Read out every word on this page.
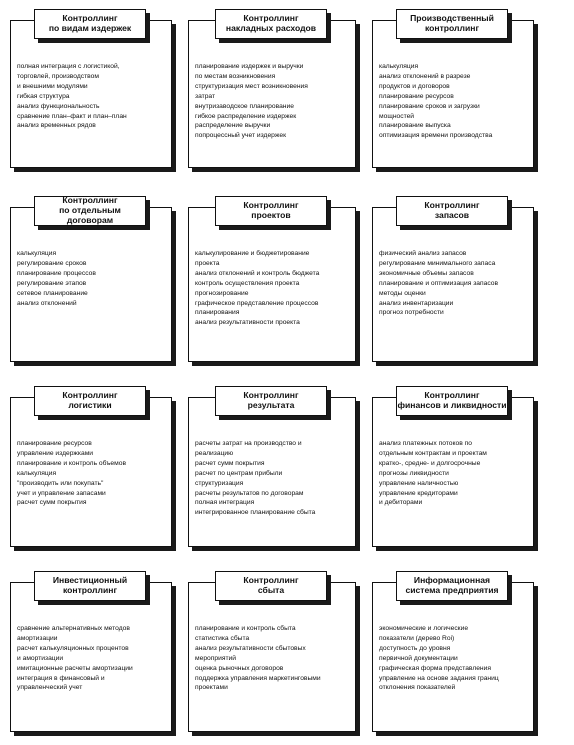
Контроллинг
по видам издержек
полная интеграция с логистикой,
торговлей, производством
и внешними модулями
гибкая структура
анализ функциональность
сравнение план–факт и план–план
анализ временных рядов
Контроллинг
накладных расходов
планирование издержек и выручки
по местам возникновения
структуризация мест возникновения
затрат
внутризаводское планирование
гибкое распределение издержек
распределение выручки
попроцессный учет издержек
Производственный
контроллинг
калькуляция
анализ отклонений в разрезе
продуктов и договоров
планирование ресурсов
планирование сроков и загрузки
мощностей
планирование выпуска
оптимизация времени производства
Контроллинг
по отдельным договорам
калькуляция
регулирование сроков
планирование процессов
регулирование этапов
сетевое планирование
анализ отклонений
Контроллинг
проектов
калькулирование и бюджетирование
проекта
анализ отклонений и контроль бюджета
контроль осуществления проекта
прогнозирование
графическое представление процессов
планирования
анализ результативности проекта
Контроллинг
запасов
физический анализ запасов
регулирование минимального запаса
экономичные объемы запасов
планирование и оптимизация запасов
методы оценки
анализ инвентаризации
прогноз потребности
Контроллинг
логистики
планирование ресурсов
управление издержками
планирование и контроль объемов
калькуляция
"производить или покупать"
учет и управление запасами
расчет сумм покрытия
Контроллинг
результата
расчеты затрат на производство и
реализацию
расчет сумм покрытия
расчет по центрам прибыли
структуризация
расчеты результатов по договорам
полная интеграция
интегрированное планирование сбыта
Контроллинг
финансов и ликвидности
анализ платежных потоков по
отдельным контрактам и проектам
кратко-, средне- и долгосрочные
прогнозы ликвидности
управление наличностью
управление кредиторами
и дебиторами
Инвестиционный
контроллинг
сравнение альтернативных методов
амортизации
расчет калькуляционных процентов
и амортизации
имитационные расчеты амортизации
интеграция в финансовый и
управленческий учет
Контроллинг
сбыта
планирование и контроль сбыта
статистика сбыта
анализ результативности сбытовых
мероприятий
оценка рыночных договоров
поддержка управления маркетинговыми
проектами
Информационная
система предприятия
экономические и логические
показатели (дерево Roi)
доступность до уровня
первичной документации
графическая форма представления
управление на основе задания границ
отклонения показателей
